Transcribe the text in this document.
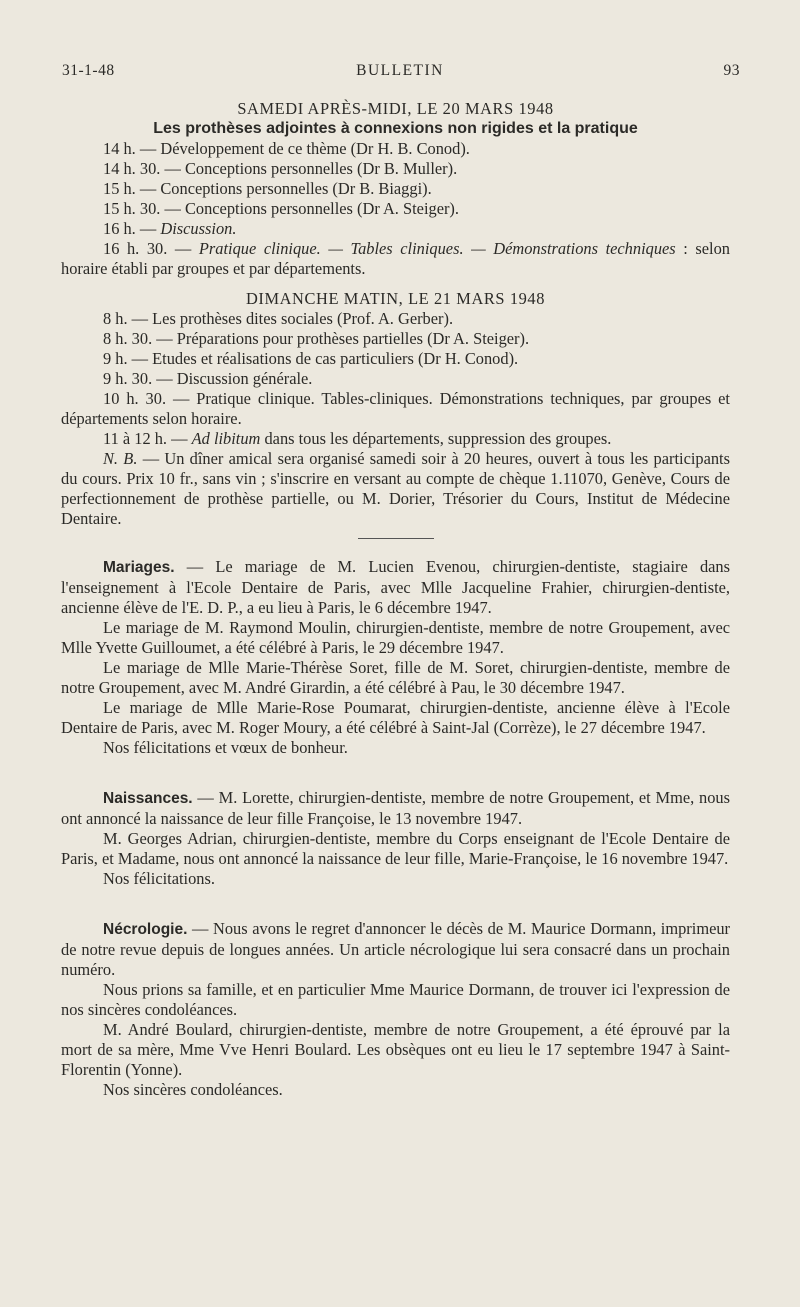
31-1-48	BULLETIN	93
SAMEDI APRÈS-MIDI, LE 20 MARS 1948
Les prothèses adjointes à connexions non rigides et la pratique
14 h. — Développement de ce thème (Dr H. B. Conod).
14 h. 30. — Conceptions personnelles (Dr B. Muller).
15 h. — Conceptions personnelles (Dr B. Biaggi).
15 h. 30. — Conceptions personnelles (Dr A. Steiger).
16 h. — Discussion.

16 h. 30. — Pratique clinique. — Tables cliniques. — Démonstrations techniques : selon horaire établi par groupes et par départements.

DIMANCHE MATIN, LE 21 MARS 1948
8 h. — Les prothèses dites sociales (Prof. A. Gerber).
8 h. 30. — Préparations pour prothèses partielles (Dr A. Steiger).
9 h. — Etudes et réalisations de cas particuliers (Dr H. Conod).
9 h. 30. — Discussion générale.

10 h. 30. — Pratique clinique. Tables-cliniques. Démonstrations techniques, par groupes et départements selon horaire.

11 à 12 h. — Ad libitum dans tous les départements, suppression des groupes.

N. B. — Un dîner amical sera organisé samedi soir à 20 heures, ouvert à tous les participants du cours. Prix 10 fr., sans vin ; s'inscrire en versant au compte de chèque 1.11070, Genève, Cours de perfectionnement de prothèse partielle, ou M. Dorier, Trésorier du Cours, Institut de Médecine Dentaire.

Mariages. — Le mariage de M. Lucien Evenou, chirurgien-dentiste, stagiaire dans l'enseignement à l'Ecole Dentaire de Paris, avec Mlle Jacqueline Frahier, chirurgien-dentiste, ancienne élève de l'E. D. P., a eu lieu à Paris, le 6 décembre 1947.

Le mariage de M. Raymond Moulin, chirurgien-dentiste, membre de notre Groupement, avec Mlle Yvette Guilloumet, a été célébré à Paris, le 29 décembre 1947.

Le mariage de Mlle Marie-Thérèse Soret, fille de M. Soret, chirurgien-dentiste, membre de notre Groupement, avec M. André Girardin, a été célébré à Pau, le 30 décembre 1947.

Le mariage de Mlle Marie-Rose Poumarat, chirurgien-dentiste, ancienne élève à l'Ecole Dentaire de Paris, avec M. Roger Moury, a été célébré à Saint-Jal (Corrèze), le 27 décembre 1947.

Nos félicitations et vœux de bonheur.

Naissances. — M. Lorette, chirurgien-dentiste, membre de notre Groupement, et Mme, nous ont annoncé la naissance de leur fille Françoise, le 13 novembre 1947.

M. Georges Adrian, chirurgien-dentiste, membre du Corps enseignant de l'Ecole Dentaire de Paris, et Madame, nous ont annoncé la naissance de leur fille, Marie-Françoise, le 16 novembre 1947.

Nos félicitations.

Nécrologie. — Nous avons le regret d'annoncer le décès de M. Maurice Dormann, imprimeur de notre revue depuis de longues années. Un article nécrologique lui sera consacré dans un prochain numéro.

Nous prions sa famille, et en particulier Mme Maurice Dormann, de trouver ici l'expression de nos sincères condoléances.

M. André Boulard, chirurgien-dentiste, membre de notre Groupement, a été éprouvé par la mort de sa mère, Mme Vve Henri Boulard. Les obsèques ont eu lieu le 17 septembre 1947 à Saint-Florentin (Yonne).

Nos sincères condoléances.
